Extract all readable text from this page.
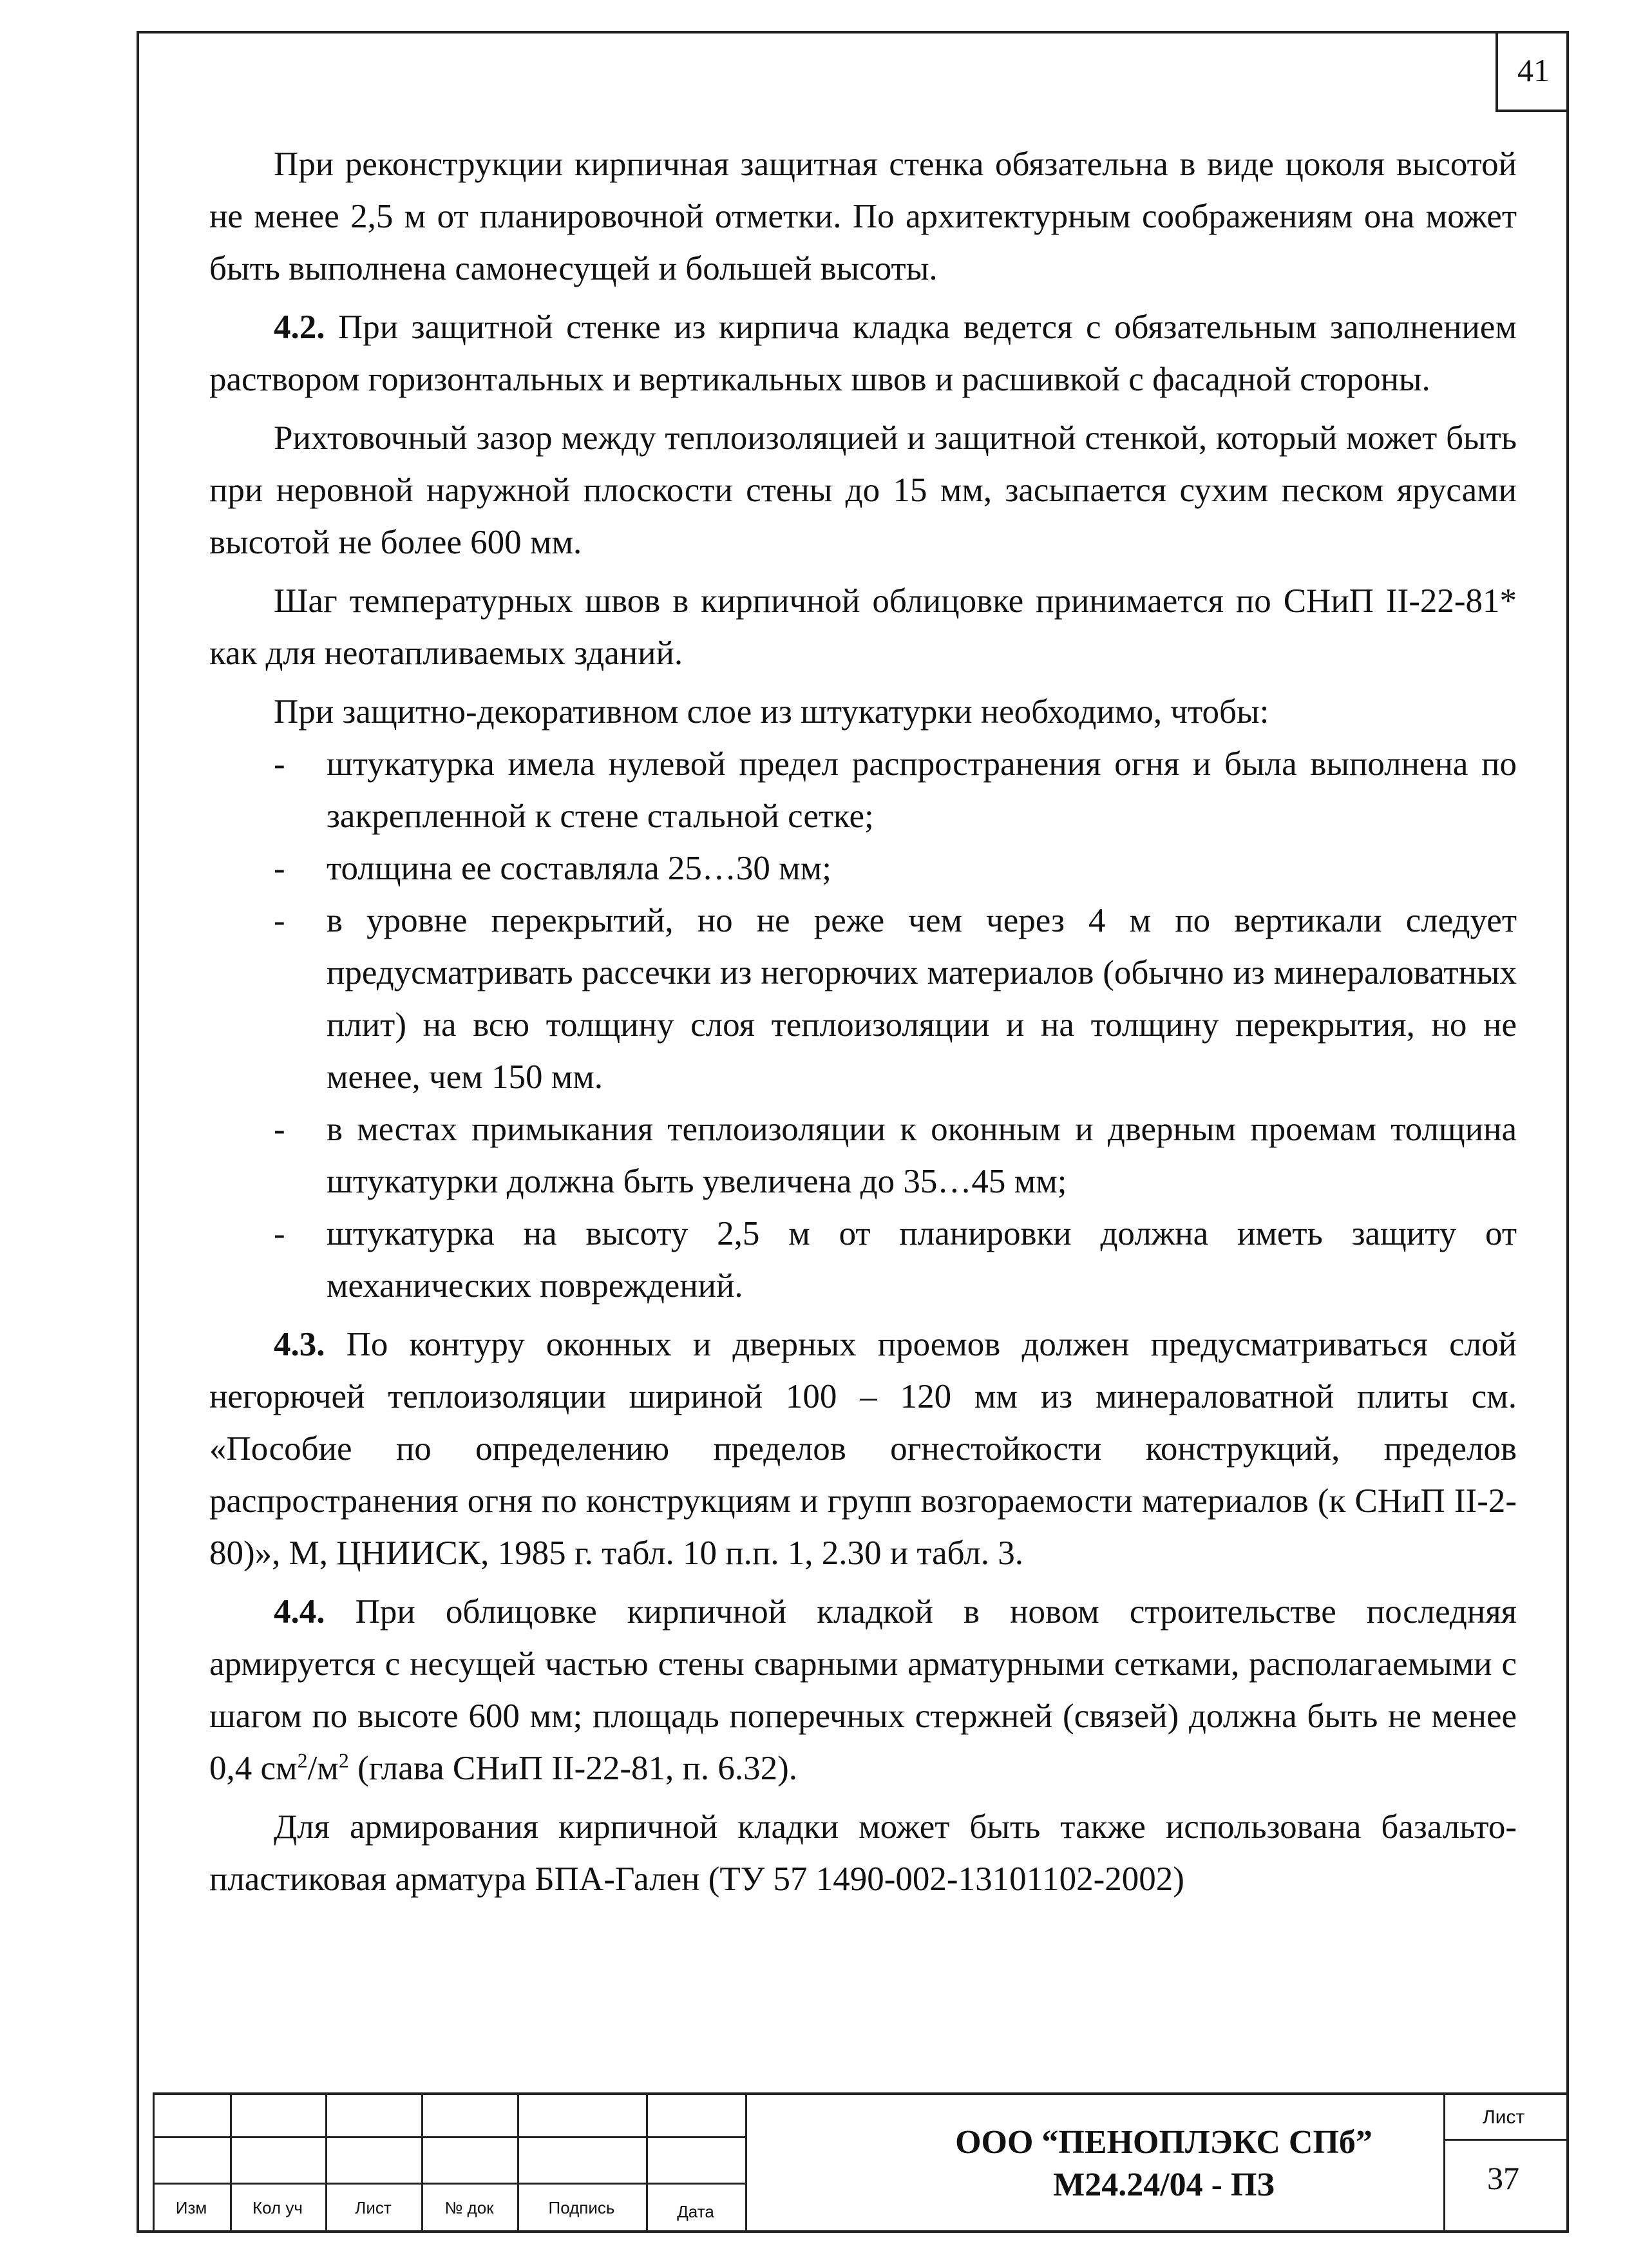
41

При реконструкции кирпичная защитная стенка обязательна в виде цоколя высотой не менее 2,5 м от планировочной отметки. По архитектурным соображениям она может быть выполнена самонесущей и большей высоты.

4.2. При защитной стенке из кирпича кладка ведется с обязательным заполнением раствором горизонтальных и вертикальных швов и расшивкой с фасадной стороны.

Рихтовочный зазор между теплоизоляцией и защитной стенкой, который может быть при неровной наружной плоскости стены до 15 мм, засыпается сухим песком ярусами высотой не более 600 мм.

Шаг температурных швов в кирпичной облицовке принимается по СНиП II-22-81* как для неотапливаемых зданий.

При защитно-декоративном слое из штукатурки необходимо, чтобы:

-	штукатурка имела нулевой предел распространения огня и была выполнена по закрепленной к стене стальной сетке;
-	толщина ее составляла 25…30 мм;
-	в уровне перекрытий, но не реже чем через 4 м по вертикали следует предусматривать рассечки из негорючих материалов (обычно из минераловатных плит) на всю толщину слоя теплоизоляции и на толщину перекрытия, но не менее, чем 150 мм.
-	в местах примыкания теплоизоляции к оконным и дверным проемам толщина штукатурки должна быть увеличена до 35…45 мм;
-	штукатурка на высоту 2,5 м от планировки должна иметь защиту от механических повреждений.

4.3. По контуру оконных и дверных проемов должен предусматриваться слой негорючей теплоизоляции шириной 100 – 120 мм из минераловатной плиты см. «Пособие по определению пределов огнестойкости конструкций, пределов распространения огня по конструкциям и групп возгораемости материалов (к СНиП II-2-80)», М, ЦНИИСК, 1985 г. табл. 10 п.п. 1, 2.30 и табл. 3.

4.4. При облицовке кирпичной кладкой в новом строительстве последняя армируется с несущей частью стены сварными арматурными сетками, располагаемыми с шагом по высоте 600 мм; площадь поперечных стержней (связей) должна быть не менее 0,4 $см^2/м^2$ (глава СНиП II-22-81, п. 6.32).

Для армирования кирпичной кладки может быть также использована базальто-пластиковая арматура БПА-Гален (ТУ 57 1490-002-13101102-2002)

Изм	Кол уч	Лист	№ док	Подпись	Дата
ООО “ПЕНОПЛЭКС СПб”
М24.24/04 - ПЗ
Лист
37
